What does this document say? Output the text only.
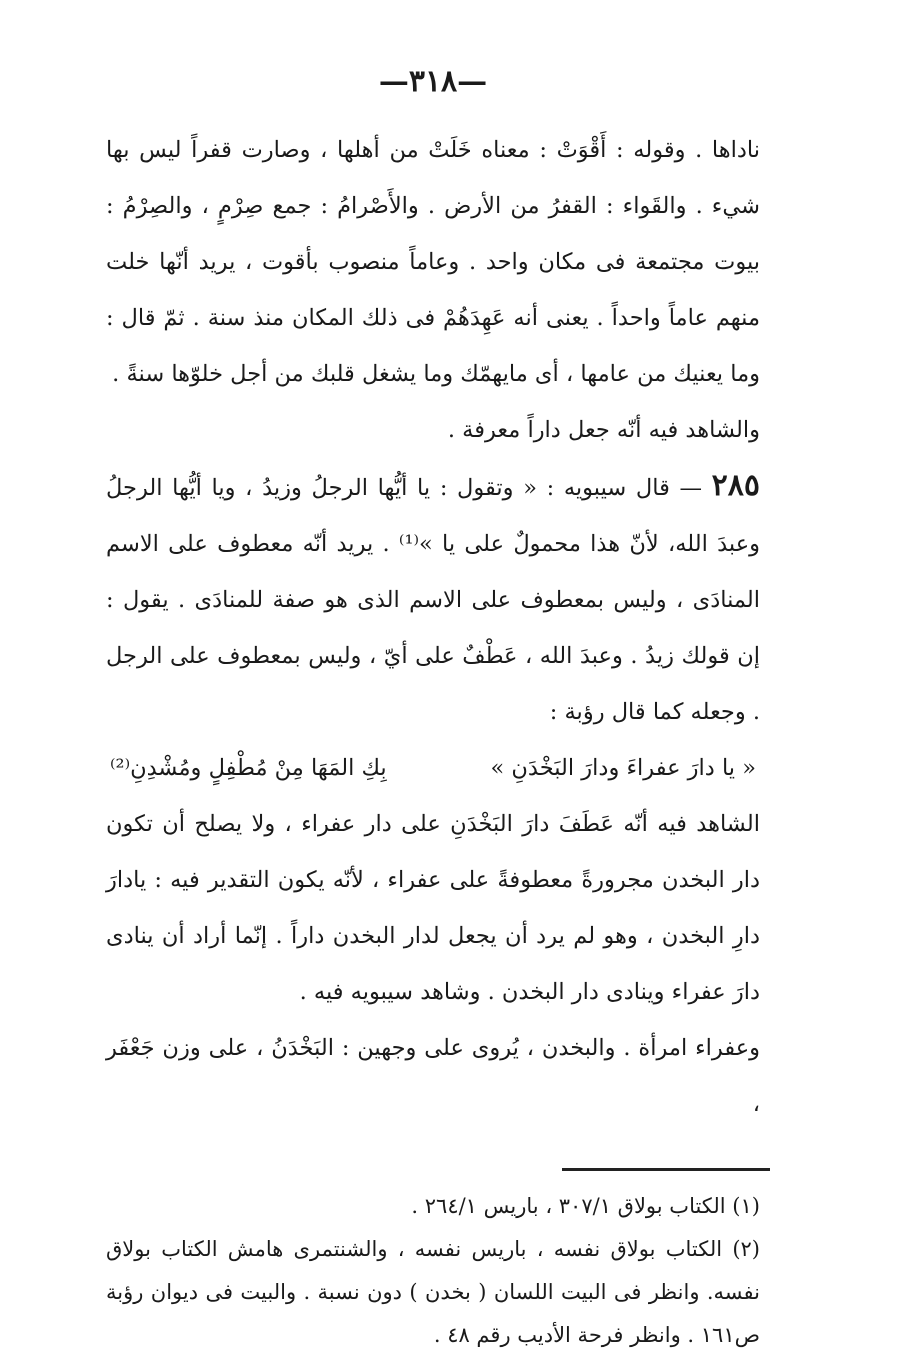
—٣١٨—

ناداها . وقوله : أَقْوَتْ : معناه خَلَتْ من أهلها ، وصارت قفراً ليس بها شيء . والقَواء : القفرُ من الأرض . والأَصْرامُ : جمع صِرْمٍ ، والصِرْمُ : بيوت مجتمعة فى مكان واحد . وعاماً منصوب بأقوت ، يريد أنّها خلت منهم عاماً واحداً . يعنى أنه عَهِدَهُمْ فى ذلك المكان منذ سنة . ثمّ قال : وما يعنيك من عامها ، أى مايهمّك وما يشغل قلبك من أجل خلوّها سنةً .

والشاهد فيه أنّه جعل داراً معرفة .

٢٨٥ — قال سيبويه : « وتقول : يا أيُّها الرجلُ وزيدُ ، ويا أيُّها الرجلُ وعبدَ الله، لأنّ هذا محمولٌ على يا »⁽¹⁾ . يريد أنّه معطوف على الاسم المنادَى ، وليس بمعطوف على الاسم الذى هو صفة للمنادَى . يقول : إن قولك زيدُ . وعبدَ الله ، عَطْفٌ على أيّ ، وليس بمعطوف على الرجل . وجعله كما قال رؤبة :

« يا دارَ عفراءَ ودارَ البَخْدَنِ »
بِكِ المَهَا مِنْ مُطْفِلٍ ومُشْدِنِ⁽²⁾

الشاهد فيه أنّه عَطَفَ دارَ البَخْدَنِ على دار عفراء ، ولا يصلح أن تكون دار البخدن مجرورةً معطوفةً على عفراء ، لأنّه يكون التقدير فيه : يادارَ دارِ البخدن ، وهو لم يرد أن يجعل لدار البخدن داراً . إنّما أراد أن ينادى دارَ عفراء وينادى دار البخدن . وشاهد سيبويه فيه .

وعفراء امرأة . والبخدن ، يُروى على وجهين : البَخْدَنُ ، على وزن جَعْفَر ،

(١) الكتاب بولاق ٣٠٧/١ ، باريس ٢٦٤/١ .

(٢) الكتاب بولاق نفسه ، باريس نفسه ، والشنتمرى هامش الكتاب بولاق نفسه. وانظر فى البيت اللسان ( بخدن ) دون نسبة . والبيت فى ديوان رؤبة ص١٦١ . وانظر فرحة الأديب رقم ٤٨ .
